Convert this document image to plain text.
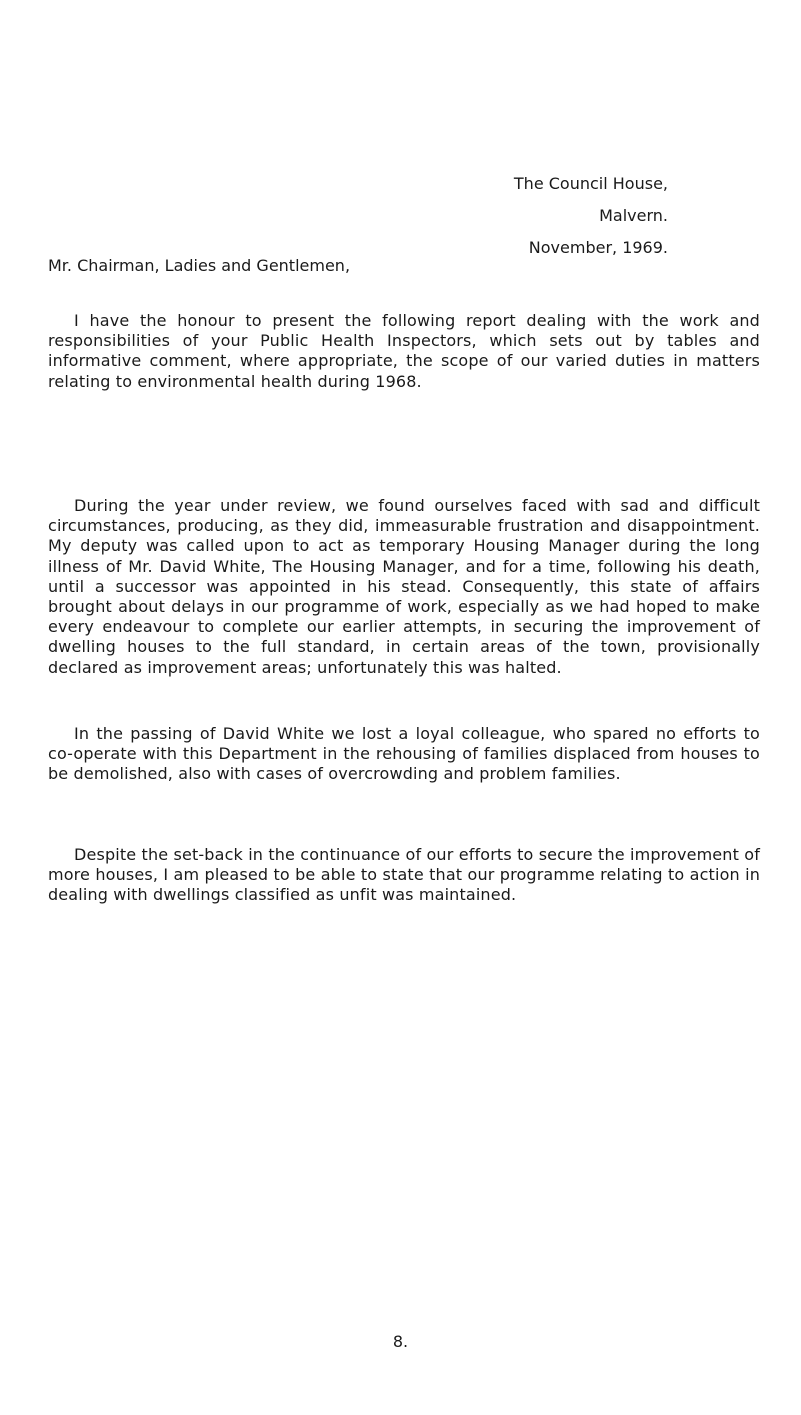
The Council House,
Malvern.
November, 1969.
Mr. Chairman, Ladies and Gentlemen,

I have the honour to present the following report dealing with the work and responsibilities of your Public Health Inspectors, which sets out by tables and informative comment, where appropriate, the scope of our varied duties in matters relating to environmental health during 1968.

During the year under review, we found ourselves faced with sad and difficult circumstances, producing, as they did, immeasurable frustration and disappointment. My deputy was called upon to act as temporary Housing Manager during the long illness of Mr. David White, The Housing Manager, and for a time, following his death, until a successor was appointed in his stead. Consequently, this state of affairs brought about delays in our programme of work, especially as we had hoped to make every endeavour to complete our earlier attempts, in securing the improvement of dwelling houses to the full standard, in certain areas of the town, provisionally declared as improvement areas; unfortunately this was halted.

In the passing of David White we lost a loyal colleague, who spared no efforts to co-operate with this Department in the rehousing of families displaced from houses to be demolished, also with cases of overcrowding and problem families.

Despite the set-back in the continuance of our efforts to secure the improvement of more houses, I am pleased to be able to state that our programme relating to action in dealing with dwellings classified as unfit was maintained.

8.
